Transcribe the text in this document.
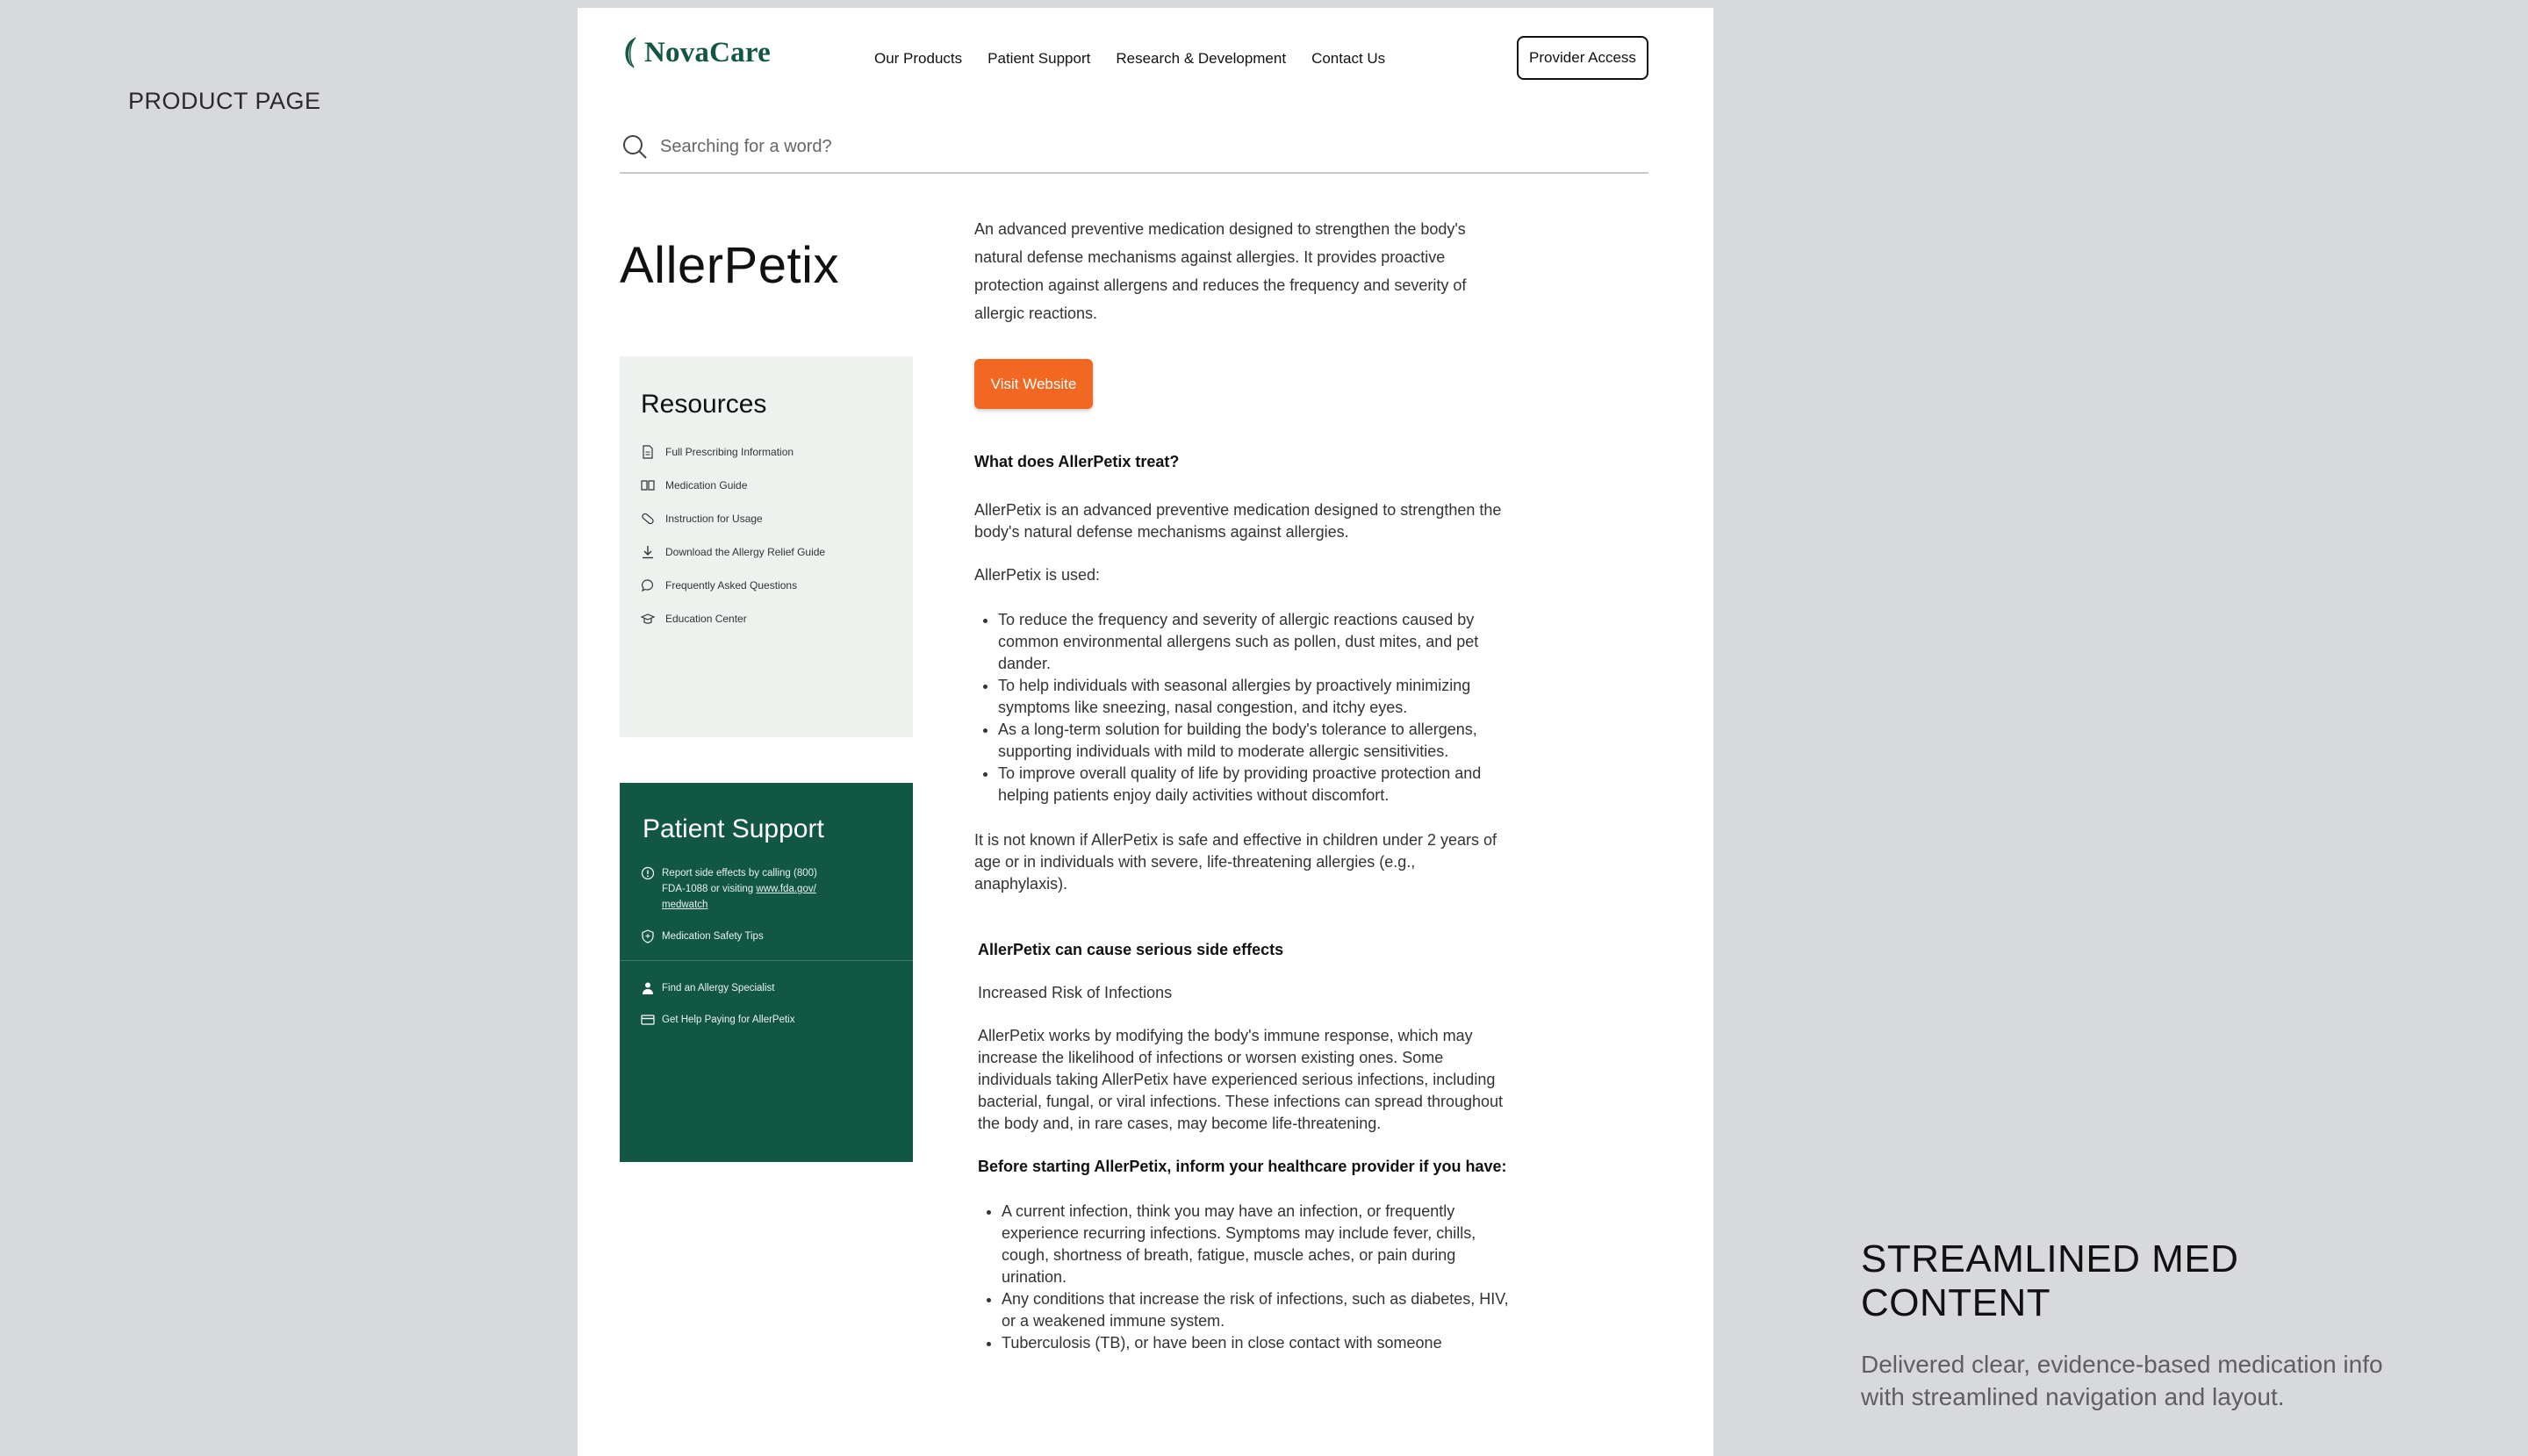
PRODUCT PAGE
STREAMLINED MED CONTENT

Delivered clear, evidence-based medication info with streamlined navigation and layout.

NovaCare	Our Products Patient Support Research & Development Contact Us	Provider Access
Searching for a word?
AllerPetix
Resources
Full Prescribing Information
Medication Guide
Instruction for Usage
Download the Allergy Relief Guide
Frequently Asked Questions
Education Center
Patient Support
Report side effects by calling (800) FDA-1088 or visiting www.fda.gov/ medwatch
Medication Safety Tips
Find an Allergy Specialist
Get Help Paying for AllerPetix

An advanced preventive medication designed to strengthen the body's natural defense mechanisms against allergies. It provides proactive protection against allergens and reduces the frequency and severity of allergic reactions.

Visit Website

What does AllerPetix treat?

AllerPetix is an advanced preventive medication designed to strengthen the body's natural defense mechanisms against allergies.

AllerPetix is used:

• To reduce the frequency and severity of allergic reactions caused by common environmental allergens such as pollen, dust mites, and pet dander.
• To help individuals with seasonal allergies by proactively minimizing symptoms like sneezing, nasal congestion, and itchy eyes.
• As a long-term solution for building the body's tolerance to allergens, supporting individuals with mild to moderate allergic sensitivities.
• To improve overall quality of life by providing proactive protection and helping patients enjoy daily activities without discomfort.

It is not known if AllerPetix is safe and effective in children under 2 years of age or in individuals with severe, life-threatening allergies (e.g., anaphylaxis).

AllerPetix can cause serious side effects

Increased Risk of Infections

AllerPetix works by modifying the body's immune response, which may increase the likelihood of infections or worsen existing ones. Some individuals taking AllerPetix have experienced serious infections, including bacterial, fungal, or viral infections. These infections can spread throughout the body and, in rare cases, may become life-threatening.

Before starting AllerPetix, inform your healthcare provider if you have:

• A current infection, think you may have an infection, or frequently experience recurring infections. Symptoms may include fever, chills, cough, shortness of breath, fatigue, muscle aches, or pain during urination.
• Any conditions that increase the risk of infections, such as diabetes, HIV, or a weakened immune system.
• Tuberculosis (TB), or have been in close contact with someone
